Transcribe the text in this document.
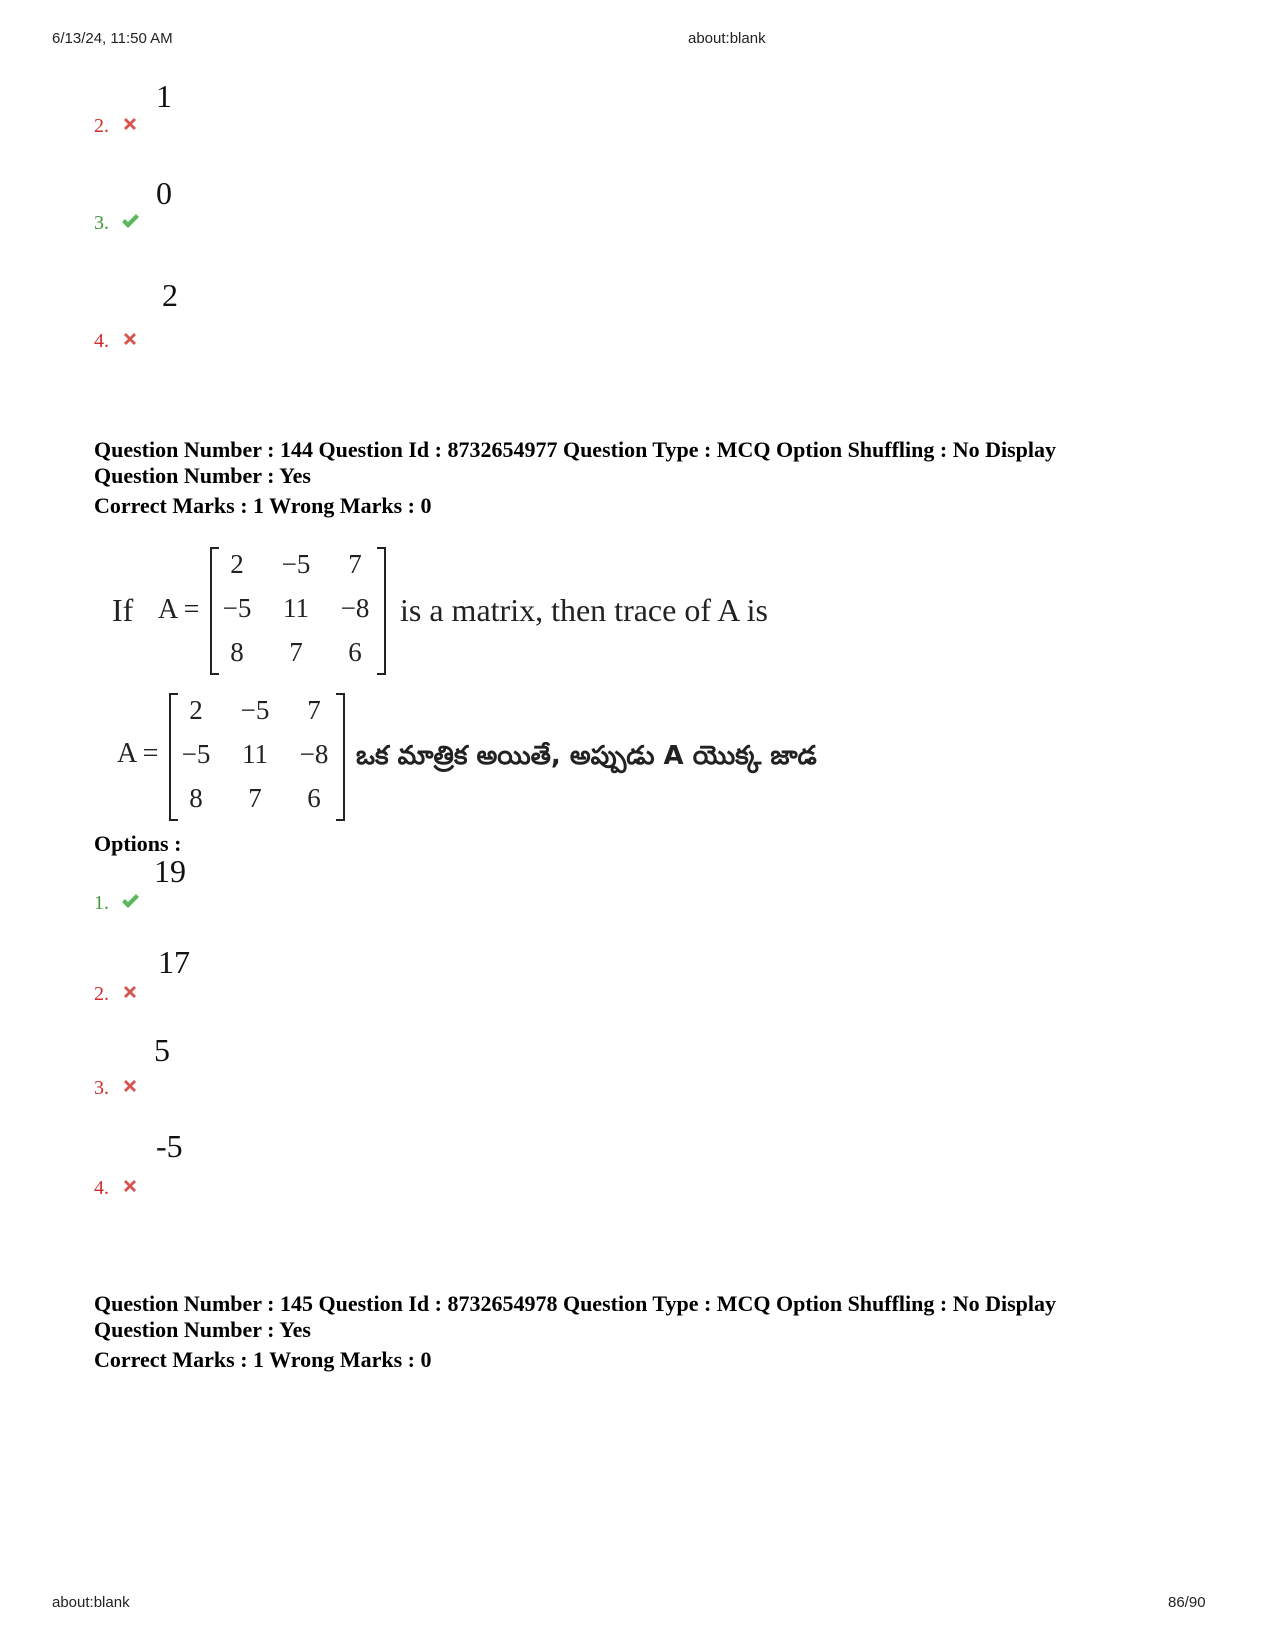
6/13/24, 11:50 AM	about:blank
2.
1
3.
0
4.
2
Question Number : 144 Question Id : 8732654977 Question Type : MCQ Option Shuffling : No Display
Question Number : Yes
Correct Marks : 1 Wrong Marks : 0
If A =
2	−5	7
−5	11	−8
8	7	6
is a matrix, then trace of A is
A =
2	−5	7
−5	11	−8
8	7	6
ఒక మాత్రిక అయితే, అప్పుడు A యొక్క జాడ
Options :
1.
19
2.
17
3.
5
4.
-5
Question Number : 145 Question Id : 8732654978 Question Type : MCQ Option Shuffling : No Display
Question Number : Yes
Correct Marks : 1 Wrong Marks : 0
about:blank	86/90
